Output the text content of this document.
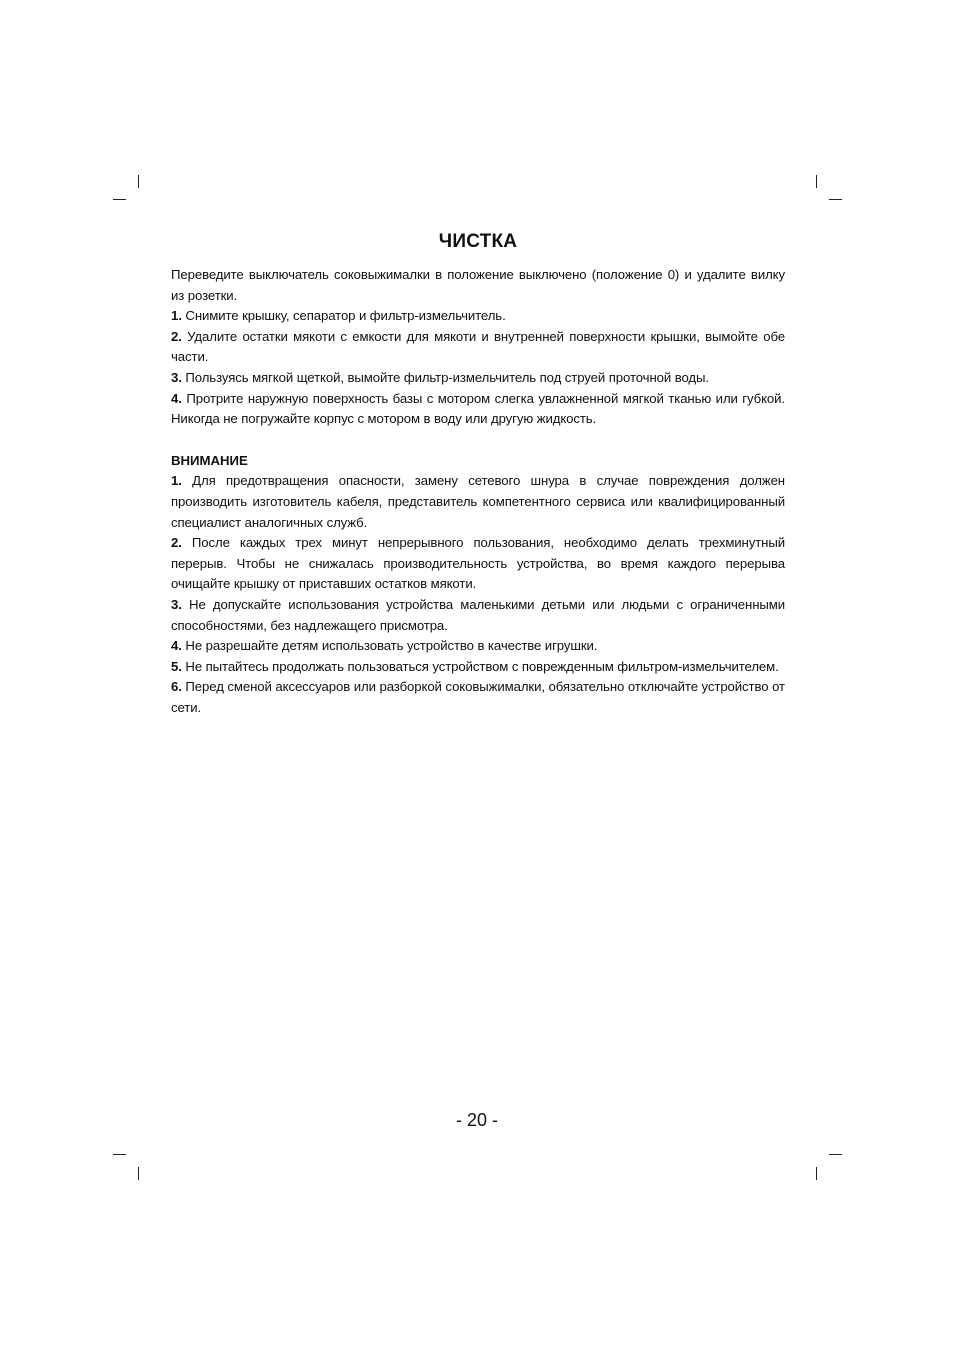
ЧИСТКА

Переведите выключатель соковыжималки в положение выключено (положение 0) и удалите вилку из розетки.

1. Снимите крышку, сепаратор и фильтр-измельчитель.

2. Удалите остатки мякоти с емкости для мякоти и внутренней поверхности крышки, вымойте обе части.

3. Пользуясь мягкой щеткой, вымойте фильтр-измельчитель под струей проточной воды.

4. Протрите наружную поверхность базы с мотором слегка увлажненной мягкой тканью или губкой. Никогда не погружайте корпус с мотором в воду или другую жидкость.

ВНИМАНИЕ

1. Для предотвращения опасности, замену сетевого шнура в случае повреждения должен производить изготовитель кабеля, представитель компетентного сервиса или квалифицированный специалист аналогичных служб.

2. После каждых трех минут непрерывного пользования, необходимо делать трехминутный перерыв. Чтобы не снижалась производительность устройства, во время каждого перерыва очищайте крышку от приставших остатков мякоти.

3. Не допускайте использования устройства маленькими детьми или людьми с ограниченными способностями, без надлежащего присмотра.

4. Не разрешайте детям использовать устройство в качестве игрушки.

5. Не пытайтесь продолжать пользоваться устройством с поврежденным фильтром-измельчителем.

6. Перед сменой аксессуаров или разборкой соковыжималки, обязательно отключайте устройство от сети.

- 20 -
